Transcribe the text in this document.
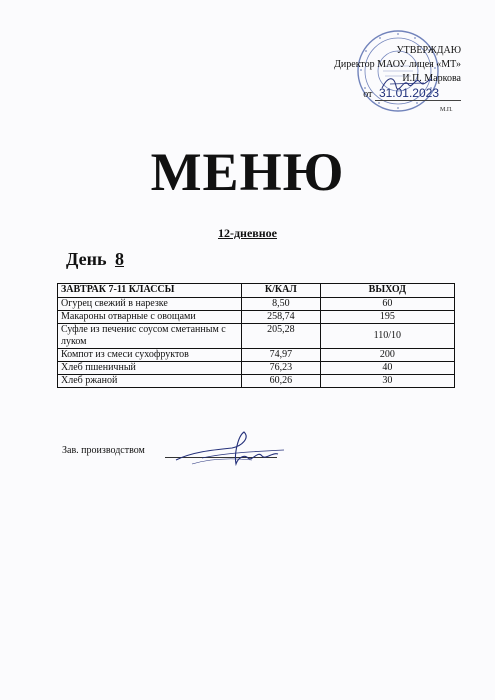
УТВЕРЖДАЮ
Директор МАОУ лицея «МТ»
И.П. Маркова
от 31.01.2023
М.П.
МЕНЮ
12-дневное
День 8
ЗАВТРАК 7-11 КЛАССЫ	К/КАЛ	ВЫХОД
Огурец свежий в нарезке	8,50	60
Макароны отварные с овощами	258,74	195
Суфле из печенис соусом сметанным с луком	205,28	110/10
Компот из смеси сухофруктов	74,97	200
Хлеб пшеничный	76,23	40
Хлеб ржаной	60,26	30
Зав. производством
